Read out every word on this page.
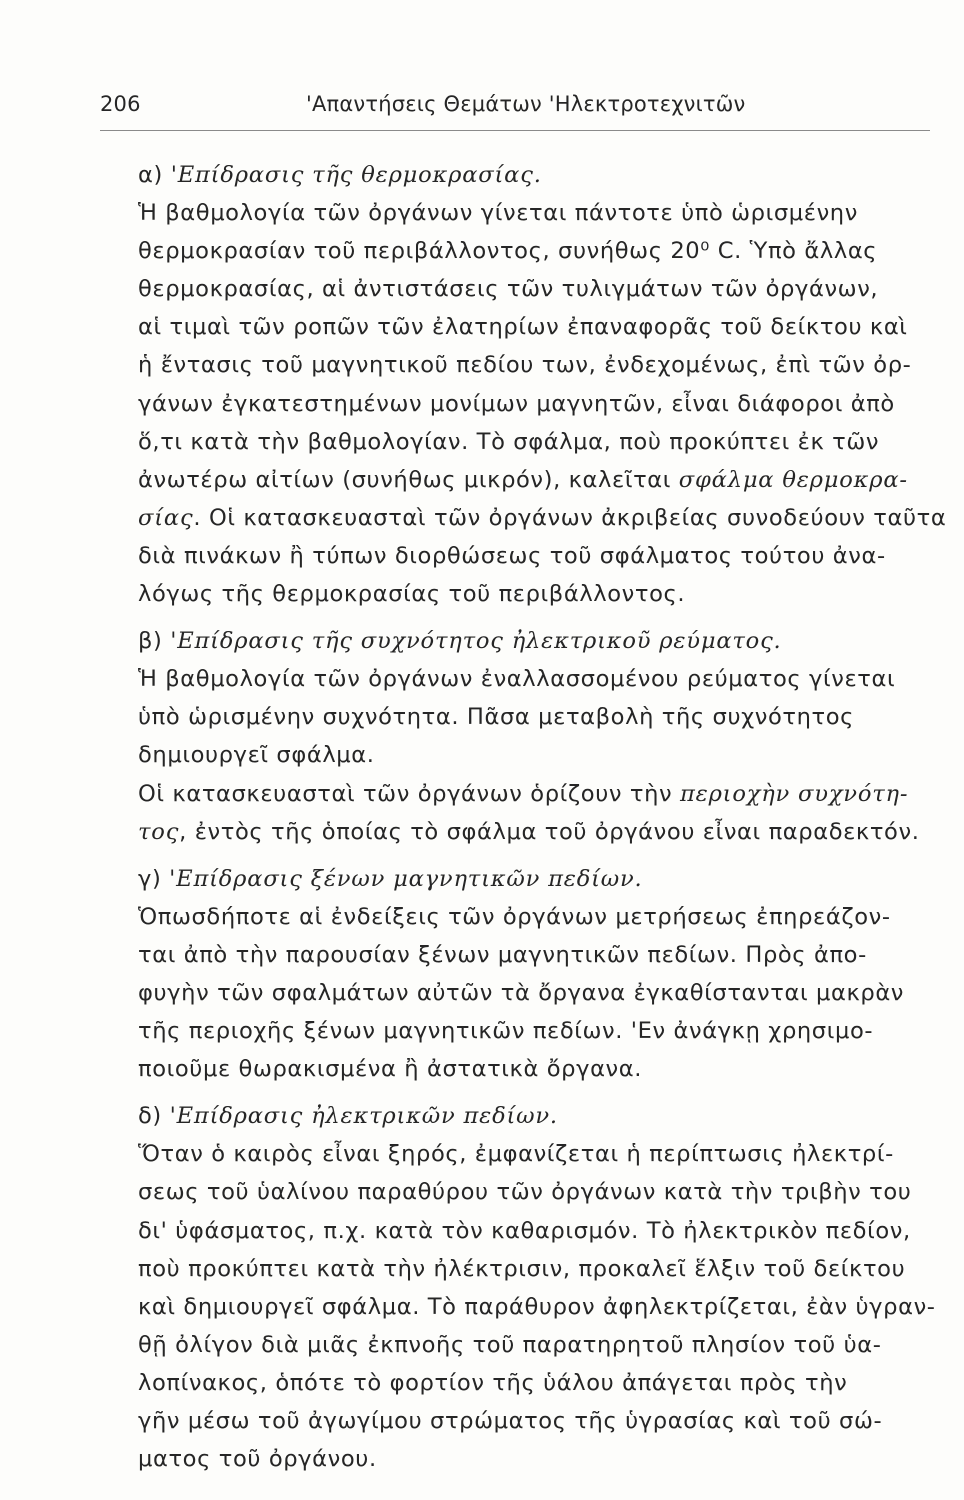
206	'Απαντήσεις Θεμάτων 'Ηλεκτροτεχνιτῶν
α) 'Επίδρασις τῆς θερμοκρασίας.
Ἡ βαθμολογία τῶν ὀργάνων γίνεται πάντοτε ὑπὸ ὡρισμένην
θερμοκρασίαν τοῦ περιβάλλοντος, συνήθως 20⁰ C. Ὑπὸ ἄλλας
θερμοκρασίας, αἱ ἀντιστάσεις τῶν τυλιγμάτων τῶν ὀργάνων,
αἱ τιμαὶ τῶν ροπῶν τῶν ἐλατηρίων ἐπαναφορᾶς τοῦ δείκτου καὶ
ἡ ἔντασις τοῦ μαγνητικοῦ πεδίου των, ἐνδεχομένως, ἐπὶ τῶν ὀρ-
γάνων ἐγκατεστημένων μονίμων μαγνητῶν, εἶναι διάφοροι ἀπὸ
ὅ,τι κατὰ τὴν βαθμολογίαν. Τὸ σφάλμα, ποὺ προκύπτει ἐκ τῶν
ἀνωτέρω αἰτίων (συνήθως μικρόν), καλεῖται σφάλμα θερμοκρα-
σίας. Οἱ κατασκευασταὶ τῶν ὀργάνων ἀκριβείας συνοδεύουν ταῦτα
διὰ πινάκων ἢ τύπων διορθώσεως τοῦ σφάλματος τούτου ἀνα-
λόγως τῆς θερμοκρασίας τοῦ περιβάλλοντος.
β) 'Επίδρασις τῆς συχνότητος ἠλεκτρικοῦ ρεύματος.
Ἡ βαθμολογία τῶν ὀργάνων ἐναλλασσομένου ρεύματος γίνεται
ὑπὸ ὡρισμένην συχνότητα. Πᾶσα μεταβολὴ τῆς συχνότητος
δημιουργεῖ σφάλμα.
Οἱ κατασκευασταὶ τῶν ὀργάνων ὁρίζουν τὴν περιοχὴν συχνότη-
τος, ἐντὸς τῆς ὁποίας τὸ σφάλμα τοῦ ὀργάνου εἶναι παραδεκτόν.
γ) 'Επίδρασις ξένων μαγνητικῶν πεδίων.
Ὁπωσδήποτε αἱ ἐνδείξεις τῶν ὀργάνων μετρήσεως ἐπηρεάζον-
ται ἀπὸ τὴν παρουσίαν ξένων μαγνητικῶν πεδίων. Πρὸς ἀπο-
φυγὴν τῶν σφαλμάτων αὐτῶν τὰ ὄργανα ἐγκαθίστανται μακρὰν
τῆς περιοχῆς ξένων μαγνητικῶν πεδίων. 'Εν ἀνάγκῃ χρησιμο-
ποιοῦμε θωρακισμένα ἢ ἀστατικὰ ὄργανα.
δ) 'Επίδρασις ἠλεκτρικῶν πεδίων.
Ὅταν ὁ καιρὸς εἶναι ξηρός, ἐμφανίζεται ἡ περίπτωσις ἠλεκτρί-
σεως τοῦ ὑαλίνου παραθύρου τῶν ὀργάνων κατὰ τὴν τριβὴν του
δι' ὑφάσματος, π.χ. κατὰ τὸν καθαρισμόν. Τὸ ἠλεκτρικὸν πεδίον,
ποὺ προκύπτει κατὰ τὴν ἠλέκτρισιν, προκαλεῖ ἕλξιν τοῦ δείκτου
καὶ δημιουργεῖ σφάλμα. Τὸ παράθυρον ἀφηλεκτρίζεται, ἐὰν ὑγραν-
θῇ ὀλίγον διὰ μιᾶς ἐκπνοῆς τοῦ παρατηρητοῦ πλησίον τοῦ ὑα-
λοπίνακος, ὁπότε τὸ φορτίον τῆς ὑάλου ἀπάγεται πρὸς τὴν
γῆν μέσω τοῦ ἀγωγίμου στρώματος τῆς ὑγρασίας καὶ τοῦ σώ-
ματος τοῦ ὀργάνου.
